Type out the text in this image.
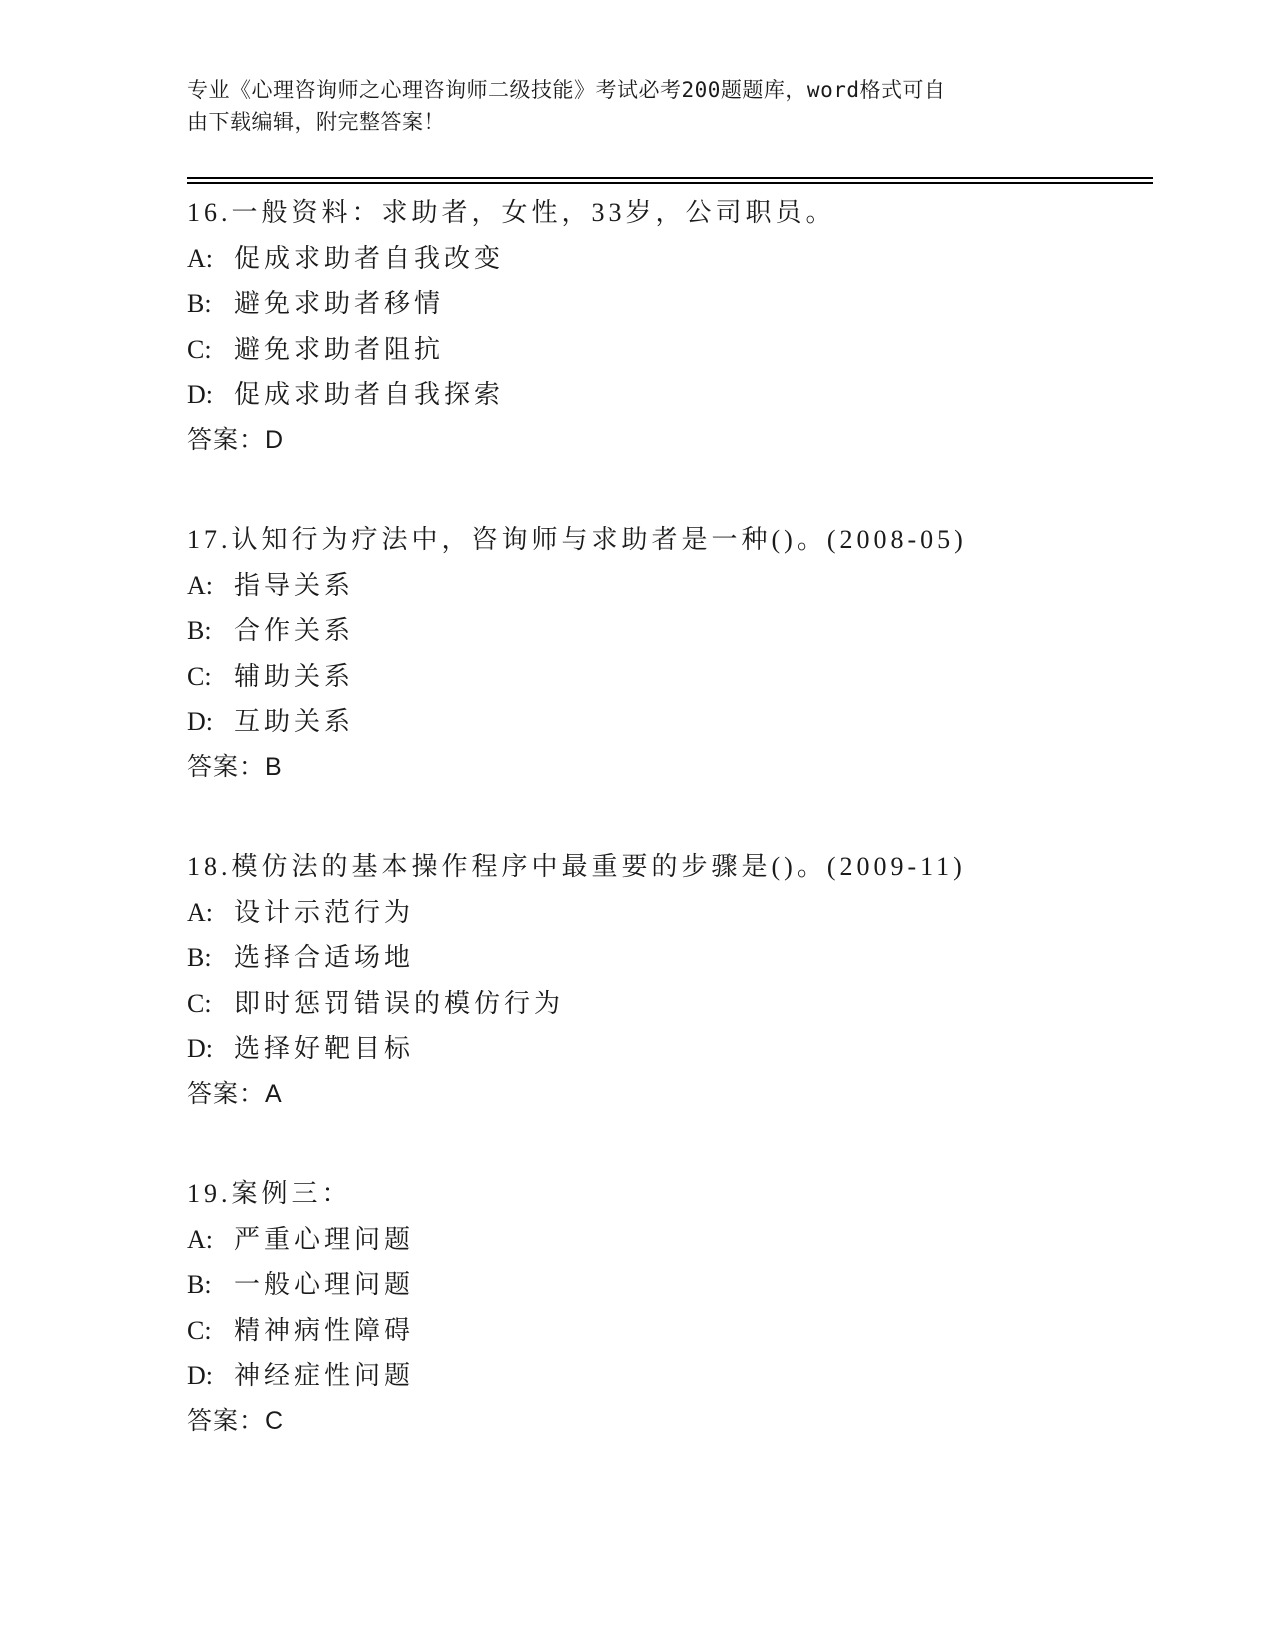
专业《心理咨询师之心理咨询师二级技能》考试必考200题题库，word格式可自
由下载编辑，附完整答案！
16.一般资料：求助者，女性，33岁，公司职员。
A: 促成求助者自我改变
B: 避免求助者移情
C: 避免求助者阻抗
D: 促成求助者自我探索
答案：D
17.认知行为疗法中，咨询师与求助者是一种()。(2008-05)
A: 指导关系
B: 合作关系
C: 辅助关系
D: 互助关系
答案：B
18.模仿法的基本操作程序中最重要的步骤是()。(2009-11)
A: 设计示范行为
B: 选择合适场地
C: 即时惩罚错误的模仿行为
D: 选择好靶目标
答案：A
19.案例三：
A: 严重心理问题
B: 一般心理问题
C: 精神病性障碍
D: 神经症性问题
答案：C
